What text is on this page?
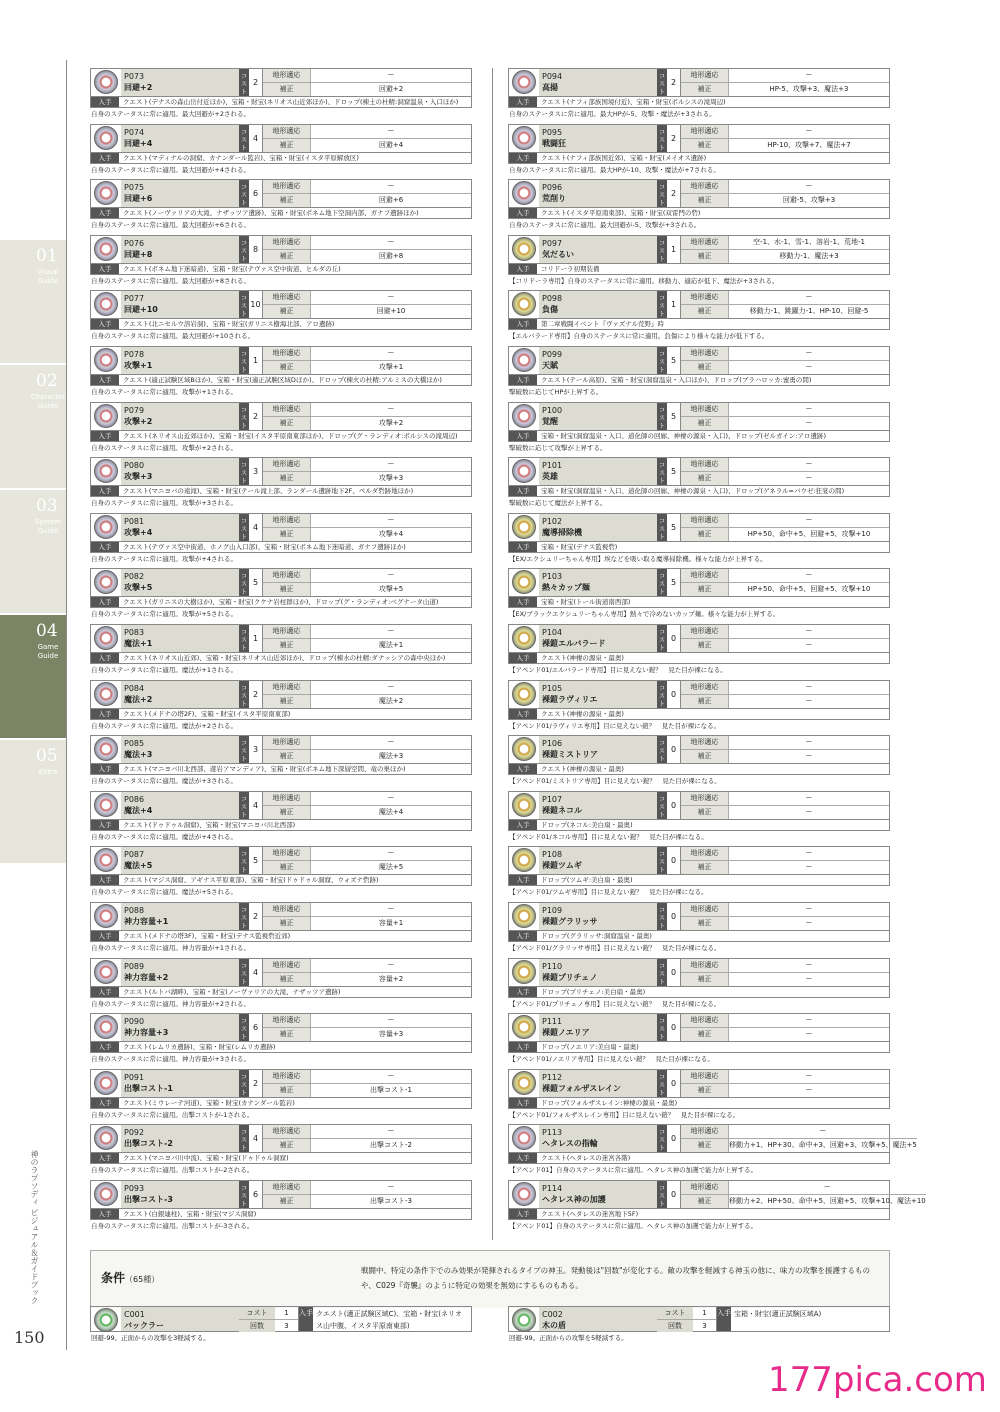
01
Visual Guide
02
Character Guide
03
System Guide
04
Game Guide
05
Extra
神のラプソディ ビジュアル＆ガイドブック
150
P073
回避+2
コスト
2
地形適応	ー
補正	回避+2
入手	クエスト(デナスの森山岳付近ほか)、宝箱・財宝(ネリオス山近郊ほか)、ドロップ(棟土の杜精:洞窟温泉・入口ほか)
自身のステータスに常に適用。最大回避が+2される。
P074
回避+4
コスト
4
地形適応	ー
補正	回避+4
入手	クエスト(マディナルの洞窟、カナンダール監岩)、宝箱・財宝(イスタ平原解放区)
自身のステータスに常に適用。最大回避が+4される。
P075
回避+6
コスト
6
地形適応	ー
補正	回避+6
入手	クエスト(ノーヴァリアの大滝、ナザッツア遺跡)、宝箱・財宝(ボネム地下空洞内部、ガナフ遺跡ほか)
自身のステータスに常に適用。最大回避が+6される。
P076
回避+8
コスト
8
地形適応	ー
補正	回避+8
入手	クエスト(ボネム地下迷暗道)、宝箱・財宝(テヴァス空中街道、ヒルダの丘)
自身のステータスに常に適用。最大回避が+8される。
P077
回避+10
コスト
10
地形適応	ー
補正	回避+10
入手	クエスト(北ニセルウ溶岩洞)、宝箱・財宝(ガリニス樹海北部、アロ遺跡)
自身のステータスに常に適用。最大回避が+10される。
P078
攻撃+1
コスト
1
地形適応	ー
補正	攻撃+1
入手	クエスト(適正試験区域Bほか)、宝箱・財宝(適正試験区域Dほか)、ドロップ(棟火の杜精:アルミスの大橋ほか)
自身のステータスに常に適用。攻撃が+1される。
P079
攻撃+2
コスト
2
地形適応	ー
補正	攻撃+2
入手	クエスト(ネリオス山近郊ほか)、宝箱・財宝(イスタ平原南東部ほか)、ドロップ(グ・ランディオ:ボルシスの滝周辺)
自身のステータスに常に適用。攻撃が+2される。
P080
攻撃+3
コスト
3
地形適応	ー
補正	攻撃+3
入手	クエスト(マニヨバの遠滝)、宝箱・財宝(テール滝上部、ランダール遺跡地下2F、ペルダ砦跡地ほか)
自身のステータスに常に適用。攻撃が+3される。
P081
攻撃+4
コスト
4
地形適応	ー
補正	攻撃+4
入手	クエスト(テヴァス空中街道、ホノグ山入口部)、宝箱・財宝(ボネム地下迷暗道、ガナフ遺跡ほか)
自身のステータスに常に適用。攻撃が+4される。
P082
攻撃+5
コスト
5
地形適応	ー
補正	攻撃+5
入手	クエスト(ガリニスの大樹ほか)、宝箱・財宝(クケナ岩柱群ほか)、ドロップ(グ・ランディオ:ベグナータ山道)
自身のステータスに常に適用。攻撃が+5される。
P083
魔法+1
コスト
1
地形適応	ー
補正	魔法+1
入手	クエスト(ネリオス山近郊)、宝箱・財宝(ネリオス山近郊ほか)、ドロップ(棟水の杜精:ダナッシアの森中央ほか)
自身のステータスに常に適用。魔法が+1される。
P084
魔法+2
コスト
2
地形適応	ー
補正	魔法+2
入手	クエスト(メドナの塔2F)、宝箱・財宝(イスタ平原南東部)
自身のステータスに常に適用。魔法が+2される。
P085
魔法+3
コスト
3
地形適応	ー
補正	魔法+3
入手	クエスト(マニヨバ川北西部、遊岩アマンディア)、宝箱・財宝(ボネム地下深層空間、竜の巣ほか)
自身のステータスに常に適用。魔法が+3される。
P086
魔法+4
コスト
4
地形適応	ー
補正	魔法+4
入手	クエスト(ドゥドゥル洞窟)、宝箱・財宝(マニヨバ川北西部)
自身のステータスに常に適用。魔法が+4される。
P087
魔法+5
コスト
5
地形適応	ー
補正	魔法+5
入手	クエスト(マジス洞窟、アギナス平原東部)、宝箱・財宝(ドゥドゥル洞窟、ウォズナ砦跡)
自身のステータスに常に適用。魔法が+5される。
P088
神力容量+1
コスト
2
地形適応	ー
補正	容量+1
入手	クエスト(メドナの塔3F)、宝箱・財宝(デナス監視砦近郊)
自身のステータスに常に適用。神力容量が+1される。
P089
神力容量+2
コスト
4
地形適応	ー
補正	容量+2
入手	クエスト(ルトバ湖畔)、宝箱・財宝(ノーヴァリアの大滝、ナザッツア遺跡)
自身のステータスに常に適用。神力容量が+2される。
P090
神力容量+3
コスト
6
地形適応	ー
補正	容量+3
入手	クエスト(レムリカ遺跡)、宝箱・財宝(レムリカ遺跡)
自身のステータスに常に適用。神力容量が+3される。
P091
出撃コスト-1
コスト
2
地形適応	ー
補正	出撃コスト-1
入手	クエスト(ミウレーテ河道)、宝箱・財宝(カナンダール監岩)
自身のステータスに常に適用。出撃コストが-1される。
P092
出撃コスト-2
コスト
4
地形適応	ー
補正	出撃コスト-2
入手	クエスト(マニヨバ川中流)、宝箱・財宝(ドゥドゥル洞窟)
自身のステータスに常に適用。出撃コストが-2される。
P093
出撃コスト-3
コスト
6
地形適応	ー
補正	出撃コスト-3
入手	クエスト(白銀連柱)、宝箱・財宝(マジス洞窟)
自身のステータスに常に適用。出撃コストが-3される。
P094
高揚
コスト
2
地形適応	ー
補正	HP-5、攻撃+3、魔法+3
入手	クエスト(ナフィ部族国境付近)、宝箱・財宝(ボルシスの滝周辺)
自身のステータスに常に適用。最大HPが-5、攻撃・魔法が+3される。
P095
戦闘狂
コスト
2
地形適応	ー
補正	HP-10、攻撃+7、魔法+7
入手	クエスト(ナフィ部族国近郊)、宝箱・財宝(メイオス遺跡)
自身のステータスに常に適用。最大HPが-10、攻撃・魔法が+7される。
P096
荒削り
コスト
2
地形適応	ー
補正	回避-5、攻撃+3
入手	クエスト(イスタ平原南東部)、宝箱・財宝(双雷門の砦)
自身のステータスに常に適用。最大回避が-5、攻撃が+3される。
P097
気だるい
コスト
1
地形適応	空-1、水-1、雪-1、溶岩-1、荒地-1
補正	移動力-1、魔法+3
入手	コリドーラ初期装備
【コリドーラ専用】自身のステータスに常に適用。移動力、適応が低下、魔法が+3される。
P098
負傷
コスト
1
地形適応	ー
補正	移動力-1、跳躍力-1、HP-10、回避-5
入手	第二章戦闘イベント『ヴァズナル荒野』時
【エルバラード専用】自身のステータスに常に適用。負傷により様々な能力が低下する。
P099
天賦
コスト
5
地形適応	ー
補正	ー
入手	クエスト(テール高原)、宝箱・財宝(洞窟温泉・入口ほか)、ドロップ(ブラハロッカ:蜜勇の間)
撃破数に応じてHPが上昇する。
P100
覚醒
コスト
5
地形適応	ー
補正	ー
入手	宝箱・財宝(洞窟温泉・入口、道化師の回廊、神棲の源泉・入口)、ドロップ(ゼルガイン:アロ遺跡)
撃破数に応じて攻撃が上昇する。
P101
英雄
コスト
5
地形適応	ー
補正	ー
入手	宝箱・財宝(洞窟温泉・入口、道化師の回廊、神棲の源泉・入口)、ドロップ(ゲネラル=バウゼ:狂宴の間)
撃破数に応じて魔法が上昇する。
P102
魔導掃除機
コスト
5
地形適応	ー
補正	HP+50、命中+5、回避+5、攻撃+10
入手	宝箱・財宝(デナス監視砦)
【EX/エクシュリーちゃん専用】埃などを吸い取る魔導掃除機。様々な能力が上昇する。
P103
熱々カップ麺
コスト
5
地形適応	ー
補正	HP+50、命中+5、回避+5、攻撃+10
入手	宝箱・財宝(トール街道南西部)
【EX/ブラックエクシュリーちゃん専用】熱々で冷めないカップ麺。様々な能力が上昇する。
P104
裸鎧エルバラード
コスト
0
地形適応	ー
補正	ー
入手	クエスト(神棲の源泉・最奥)
【アペンド01/エルバラード専用】目に見えない鎧？　見た目が裸になる。
P105
裸鎧ラヴィリエ
コスト
0
地形適応	ー
補正	ー
入手	クエスト(神棲の源泉・最奥)
【アペンド01/ラヴィリエ専用】目に見えない鎧？　見た目が裸になる。
P106
裸鎧ミストリア
コスト
0
地形適応	ー
補正	ー
入手	クエスト(神棲の源泉・最奥)
【アペンド01/ミストリア専用】目に見えない鎧？　見た目が裸になる。
P107
裸鎧ネコル
コスト
0
地形適応	ー
補正	ー
入手	ドロップ(ネコル:美白扇・最奥)
【アペンド01/ネコル専用】目に見えない鎧？　見た目が裸になる。
P108
裸鎧ツムギ
コスト
0
地形適応	ー
補正	ー
入手	ドロップ(ツムギ:美白扇・最奥)
【アペンド01/ツムギ専用】目に見えない鎧？　見た目が裸になる。
P109
裸鎧グラリッサ
コスト
0
地形適応	ー
補正	ー
入手	ドロップ(グラリッサ:洞窟温泉・最奥)
【アペンド01/グラリッサ専用】目に見えない鎧？　見た目が裸になる。
P110
裸鎧プリチェノ
コスト
0
地形適応	ー
補正	ー
入手	ドロップ(プリチェノ:美白扇・最奥)
【アペンド01/プリチェノ専用】目に見えない鎧？　見た目が裸になる。
P111
裸鎧ノエリア
コスト
0
地形適応	ー
補正	ー
入手	ドロップ(ノエリア:美白扇・最奥)
【アペンド01/ノエリア専用】目に見えない鎧？　見た目が裸になる。
P112
裸鎧フォルザスレイン
コスト
0
地形適応	ー
補正	ー
入手	ドロップ(フォルザスレイン:神棲の源泉・最奥)
【アペンド01/フォルザスレイン専用】目に見えない鎧？　見た目が裸になる。
P113
ヘタレスの指輪
コスト
0
地形適応	ー
補正	移動力+1、HP+30、命中+3、回避+3、攻撃+5、魔法+5
入手	クエスト(ヘタレスの迷宮各階)
【アペンド01】自身のステータスに常に適用。ヘタレス神の加護で能力が上昇する。
P114
ヘタレス神の加護
コスト
0
地形適応	ー
補正	移動力+2、HP+50、命中+5、回避+5、攻撃+10、魔法+10
入手	クエスト(ヘタレスの迷宮地下5F)
【アペンド01】自身のステータスに常に適用。ヘタレス神の加護で能力が上昇する。
条件（65種）
戦闘中、特定の条件下でのみ効果が発揮されるタイプの神玉。発動後は"回数"が変化する。敵の攻撃を軽減する神玉の他に、味方の攻撃を援護するものや、C029『奇襲』のように特定の効果を無効にするものもある。
C001
バックラー
コスト	1
回数	3
入手 クエスト(適正試験区域C)、宝箱・財宝(ネリオス山中腹、イスタ平原南東部)
回避-99。正面からの攻撃を3軽減する。
C002
木の盾
コスト	1
回数	3
入手 宝箱・財宝(適正試験区域A)
回避-99。正面からの攻撃を5軽減する。
177pica.com
